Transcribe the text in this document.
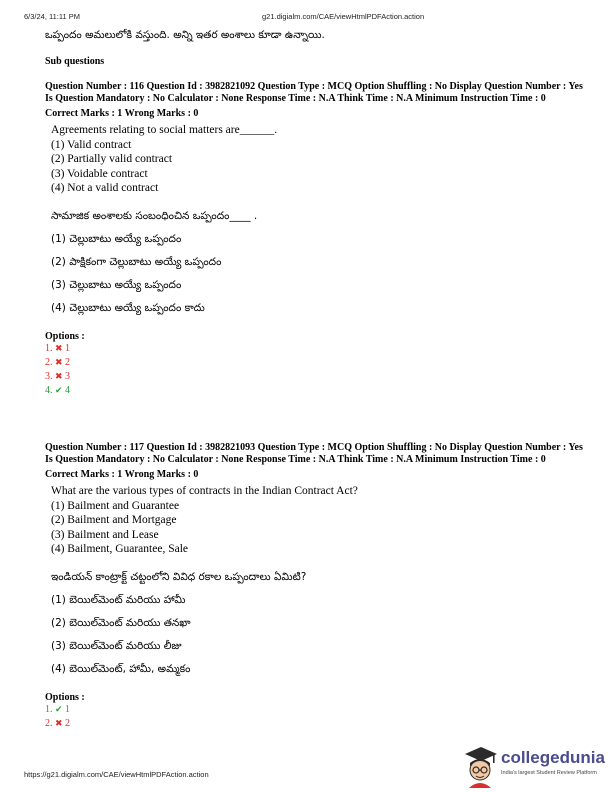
6/3/24, 11:11 PM	g21.digialm.com/CAE/viewHtmlPDFAction.action
ఒప్పందం అమలులోకి వస్తుంది. అన్ని ఇతర అంశాలు కూడా ఉన్నాయి.
Sub questions
Question Number : 116 Question Id : 3982821092 Question Type : MCQ Option Shuffling : No Display Question Number : Yes Is Question Mandatory : No Calculator : None Response Time : N.A Think Time : N.A Minimum Instruction Time : 0
Correct Marks : 1 Wrong Marks : 0
Agreements relating to social matters are______.
(1) Valid contract
(2) Partially valid contract
(3) Voidable contract
(4) Not a valid contract
సామాజిక అంశాలకు సంబంధించిన ఒప్పందం____ .
(1) చెల్లుబాటు అయ్యే ఒప్పందం
(2) పాక్షికంగా చెల్లుబాటు అయ్యే ఒప్పందం
(3) చెల్లుబాటు అయ్యే ఒప్పందం
(4) చెల్లుబాటు అయ్యే ఒప్పందం కాదు
Options :
1. ✖ 1
2. ✖ 2
3. ✖ 3
4. ✔ 4
Question Number : 117 Question Id : 3982821093 Question Type : MCQ Option Shuffling : No Display Question Number : Yes Is Question Mandatory : No Calculator : None Response Time : N.A Think Time : N.A Minimum Instruction Time : 0
Correct Marks : 1 Wrong Marks : 0
What are the various types of contracts in the Indian Contract Act?
(1) Bailment and Guarantee
(2) Bailment and Mortgage
(3) Bailment and Lease
(4) Bailment, Guarantee, Sale
ఇండియన్ కాంట్రాక్ట్ చట్టంలోని వివిధ రకాల ఒప్పందాలు ఏమిటి?
(1) బెయిల్‌మెంట్ మరియు హామీ
(2) బెయిల్‌మెంట్ మరియు తనఖా
(3) బెయిల్‌మెంట్ మరియు లీజు
(4) బెయిల్‌మెంట్, హామీ, అమ్మకం
Options :
1. ✔ 1
2. ✖ 2
https://g21.digialm.com/CAE/viewHtmlPDFAction.action
collegedunia
India's largest Student Review Platform
